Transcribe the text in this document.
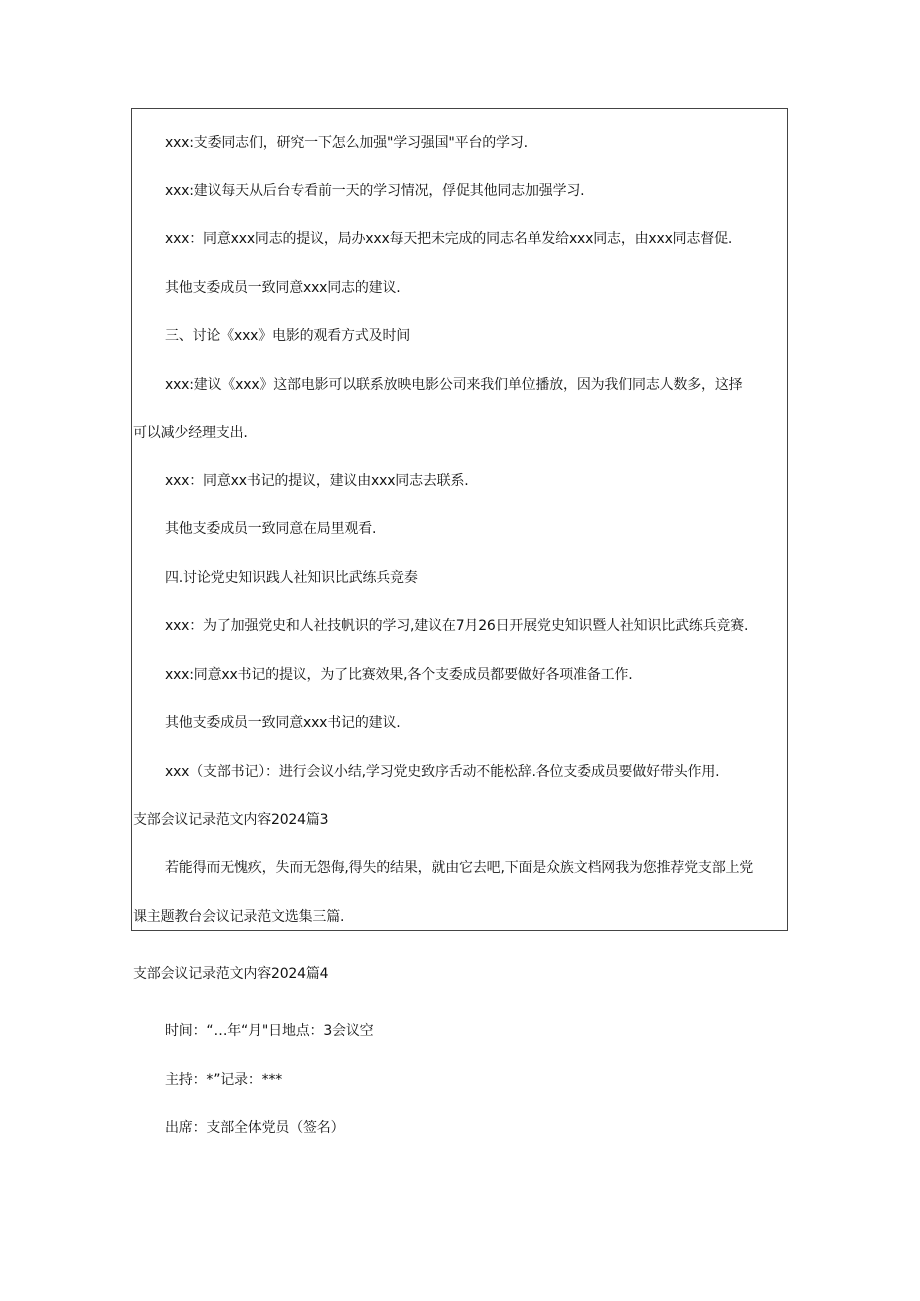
xxx:支委同志们，研究一下怎么加强"学习强国"平台的学习.
xxx:建议每天从后台专看前一天的学习情况，俘促其他同志加强学习.
xxx：同意xxx同志的提议，局办xxx每天把未完成的同志名单发给xxx同志，由xxx同志督促.
其他支委成员一致同意xxx同志的建议.
三、讨论《xxx》电影的观看方式及时间
xxx:建议《xxx》这部电影可以联系放映电影公司来我们单位播放，因为我们同志人数多，这择
可以减少经理支出.
xxx：同意xx书记的提议，建议由xxx同志去联系.
其他支委成员一致同意在局里观看.
四.讨论党史知识践人社知识比武练兵竞奏
xxx：为了加强党史和人社技帆识的学习,建议在7月26日开展党史知识暨人社知识比武练兵竞赛.
xxx:同意xx书记的提议，为了比赛效果,各个支委成员都要做好各项准备工作.
其他支委成员一致同意xxx书记的建议.
xxx（支部书记）：进行会议小结,学习党史致序舌动不能松辞.各位支委成员要做好带头作用.
支部会议记录范文内容2024篇3
若能得而无愧疚，失而无怨侮,得失的结果，就由它去吧,下面是众族文档网我为您推荐党支部上党
课主题教台会议记录范文选集三篇.
支部会议记录范文内容2024篇4
时间：“…年“月"日地点：3会议空
主持：*”记录：***
出席：支部全体党员（签名）
